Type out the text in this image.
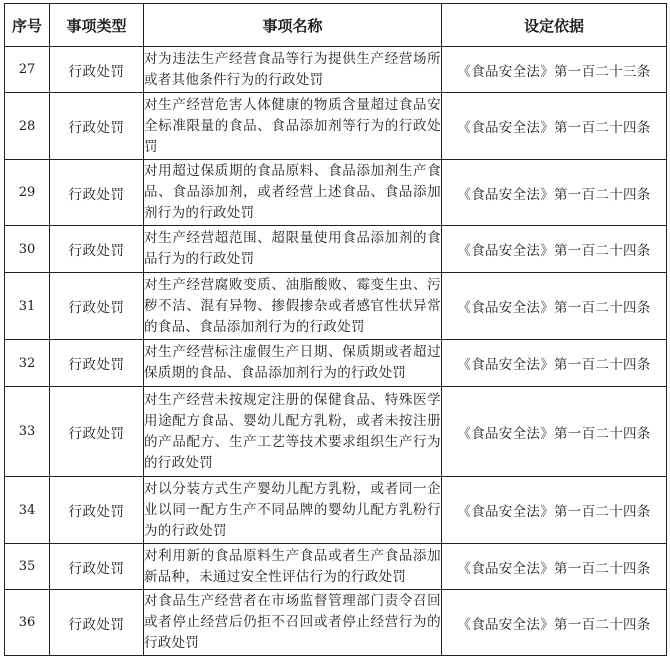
序号	事项类型	事项名称	设定依据
27	行政处罚	对为违法生产经营食品等行为提供生产经营场所或者其他条件行为的行政处罚	《食品安全法》第一百二十三条
28	行政处罚	对生产经营危害人体健康的物质含量超过食品安全标准限量的食品、食品添加剂等行为的行政处罚	《食品安全法》第一百二十四条
29	行政处罚	对用超过保质期的食品原料、食品添加剂生产食品、食品添加剂，或者经营上述食品、食品添加剂行为的行政处罚	《食品安全法》第一百二十四条
30	行政处罚	对生产经营超范围、超限量使用食品添加剂的食品行为的行政处罚	《食品安全法》第一百二十四条
31	行政处罚	对生产经营腐败变质、油脂酸败、霉变生虫、污秽不洁、混有异物、掺假掺杂或者感官性状异常的食品、食品添加剂行为的行政处罚	《食品安全法》第一百二十四条
32	行政处罚	对生产经营标注虚假生产日期、保质期或者超过保质期的食品、食品添加剂行为的行政处罚	《食品安全法》第一百二十四条
33	行政处罚	对生产经营未按规定注册的保健食品、特殊医学用途配方食品、婴幼儿配方乳粉，或者未按注册的产品配方、生产工艺等技术要求组织生产行为的行政处罚	《食品安全法》第一百二十四条
34	行政处罚	对以分装方式生产婴幼儿配方乳粉，或者同一企业以同一配方生产不同品牌的婴幼儿配方乳粉行为的行政处罚	《食品安全法》第一百二十四条
35	行政处罚	对利用新的食品原料生产食品或者生产食品添加新品种，未通过安全性评估行为的行政处罚	《食品安全法》第一百二十四条
36	行政处罚	对食品生产经营者在市场监督管理部门责令召回或者停止经营后仍拒不召回或者停止经营行为的行政处罚	《食品安全法》第一百二十四条
